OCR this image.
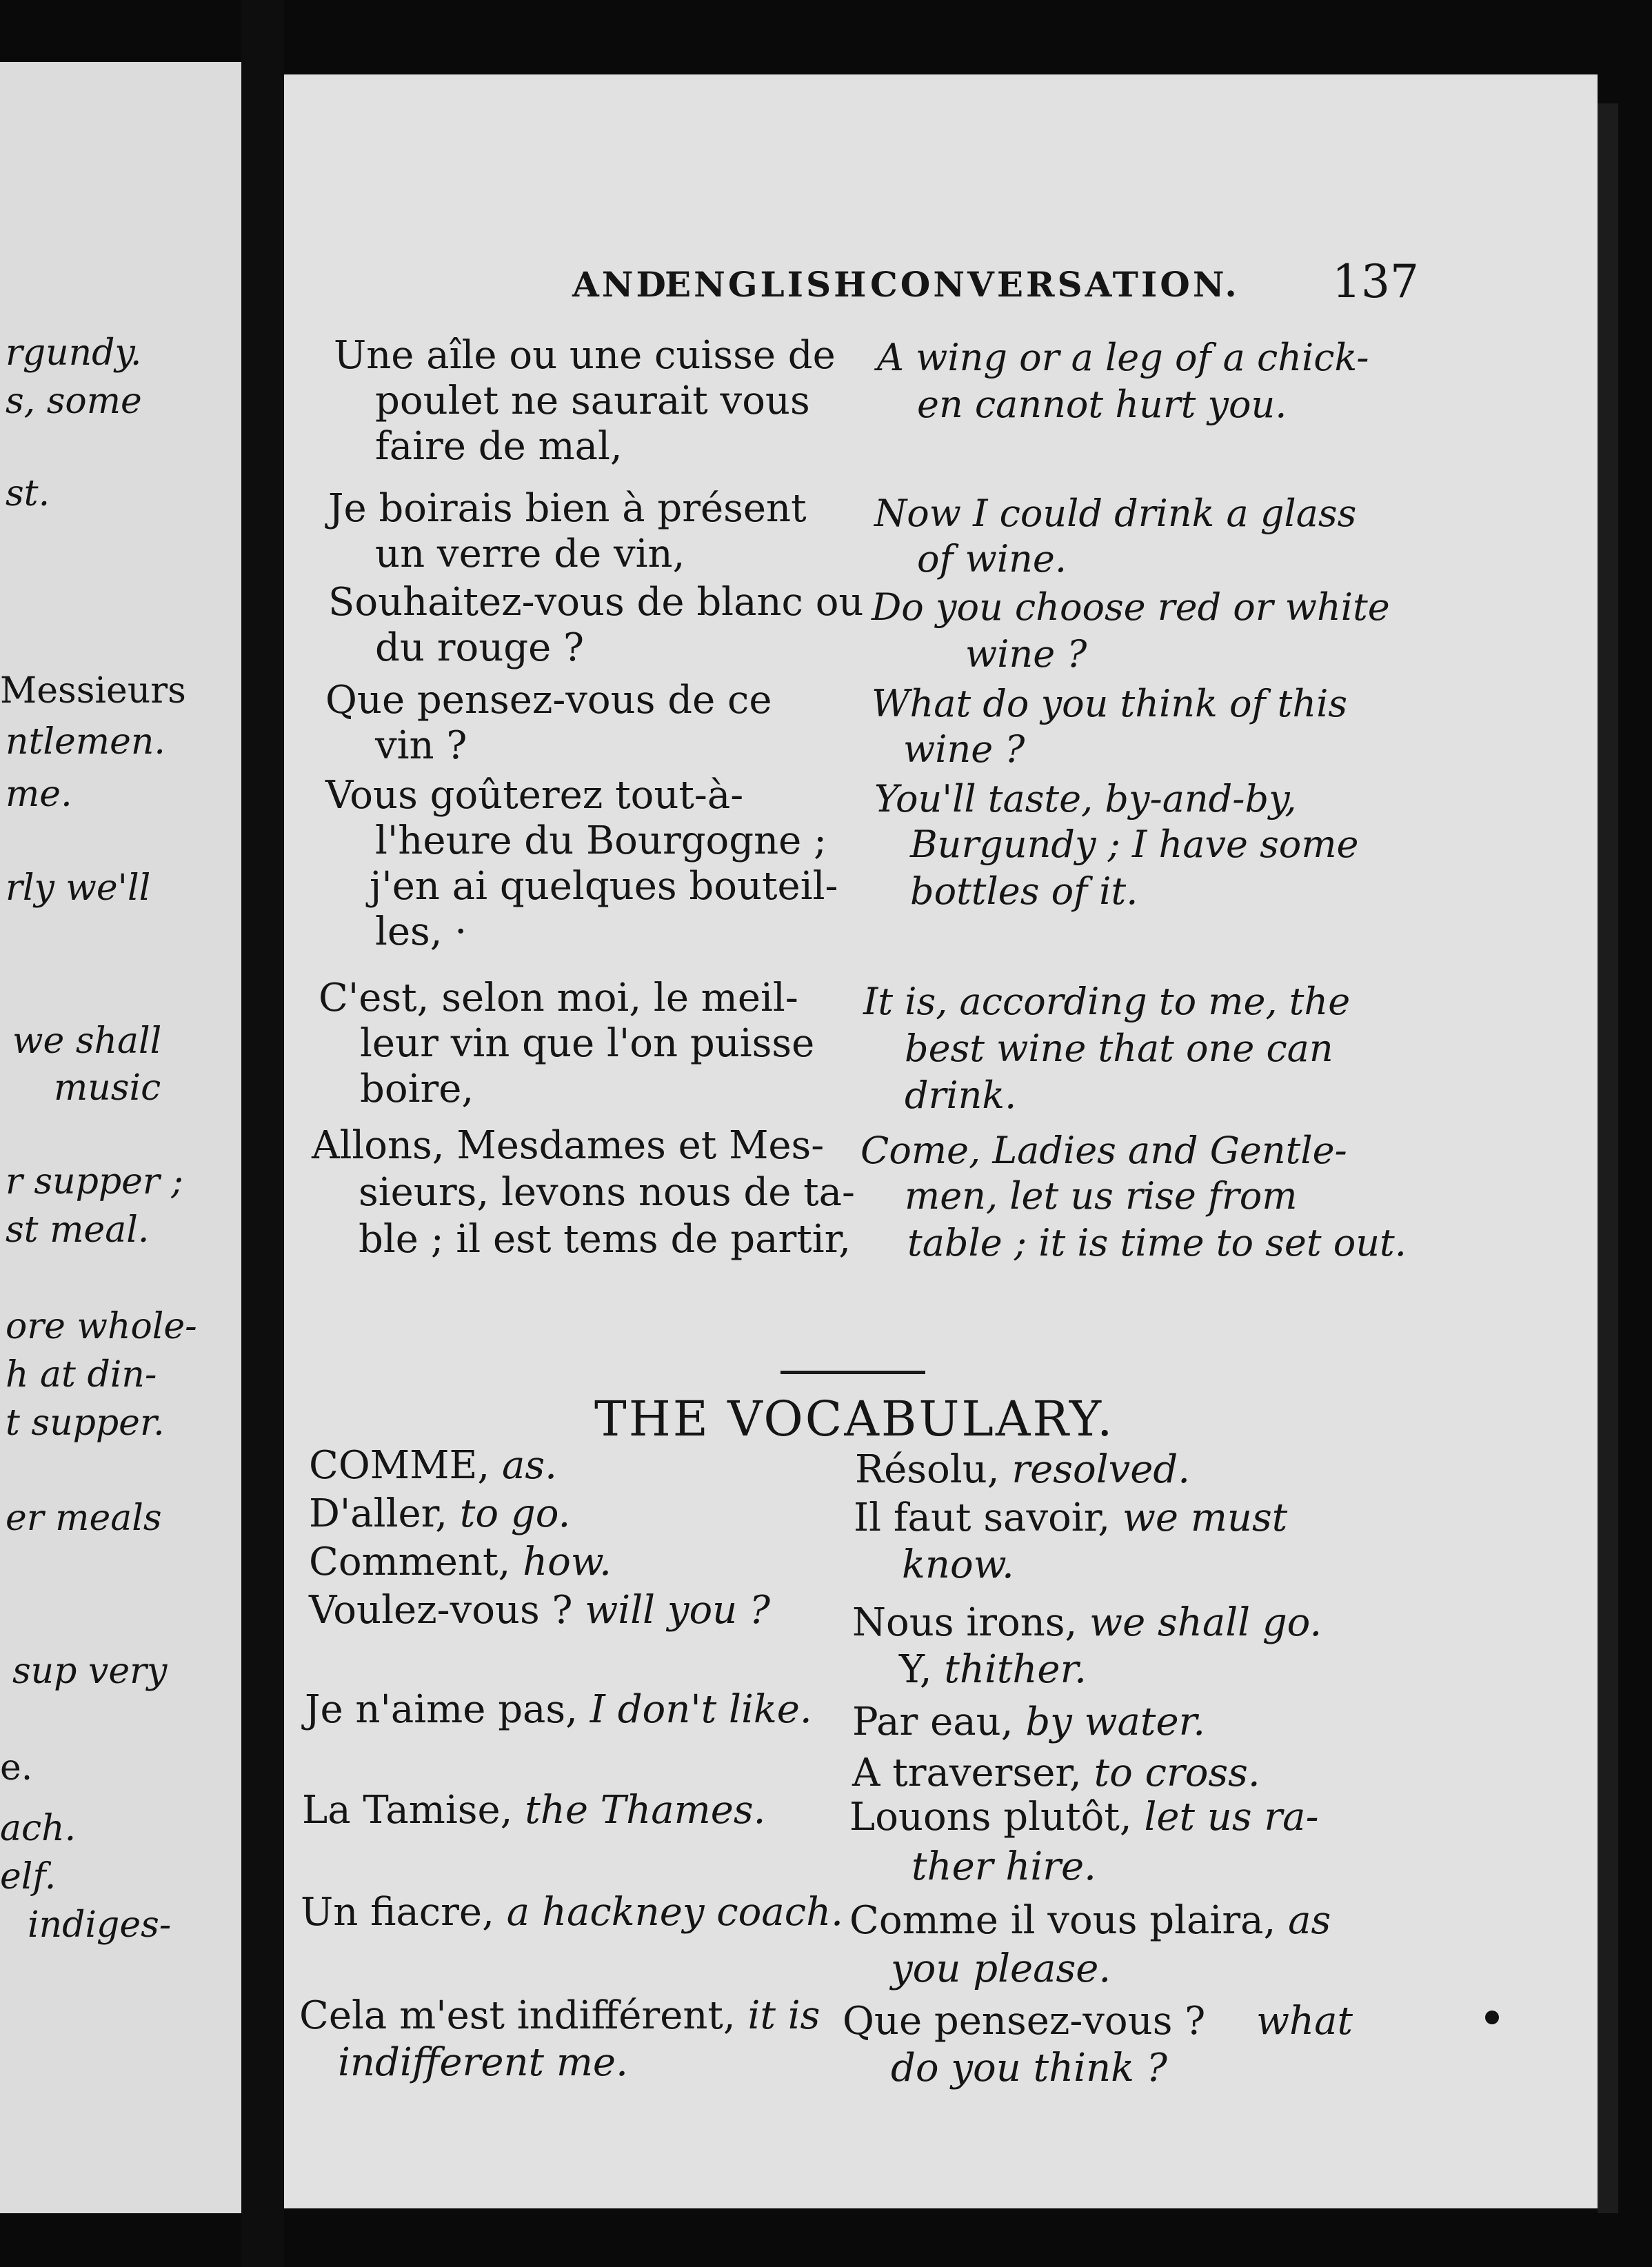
rgundy.
s, some
st.
Messieurs
ntlemen.
me.
rly we'll
we shall
music
r supper ;
st meal.
ore whole-
h at din-
t supper.
er meals
sup very
e.
ach.
elf.
indiges-
AND
ENGLISH CONVERSATION. 137
Une aîle ou une cuisse de
poulet ne saurait vous
faire de mal,
Je boirais bien à présent
un verre de vin,
Souhaitez-vous de blanc ou
du rouge ?
Que pensez-vous de ce
vin ?
Vous goûterez tout-à-
l'heure du Bourgogne ;
j'en ai quelques bouteil-
les, ·
C'est, selon moi, le meil-
leur vin que l'on puisse
boire,
Allons, Mesdames et Mes-
sieurs, levons nous de ta-
ble ; il est tems de partir,
A wing or a leg of a chick-
en cannot hurt you.
Now I could drink a glass
of wine.
Do you choose red or white
wine ?
What do you think of this
wine ?
You'll taste, by-and-by,
Burgundy ; I have some
bottles of it.
It is, according to me, the
best wine that one can
drink.
Come, Ladies and Gentle-
men, let us rise from
table ; it is time to set out.
THE VOCABULARY.
COMME, as.
D'aller, to go.
Comment, how.
Voulez-vous ? will you ?
Je n'aime pas, I don't like.
La Tamise, the Thames.
Un fiacre, a hackney coach.
Cela m'est indifférent, it is
indifferent me.
Résolu, resolved.
Il faut savoir, we must
know.
Nous irons, we shall go.
Y, thither.
Par eau, by water.
A traverser, to cross.
Louons plutôt, let us ra-
ther hire.
Comme il vous plaira, as
you please.
Que pensez-vous ? what
do you think ?
